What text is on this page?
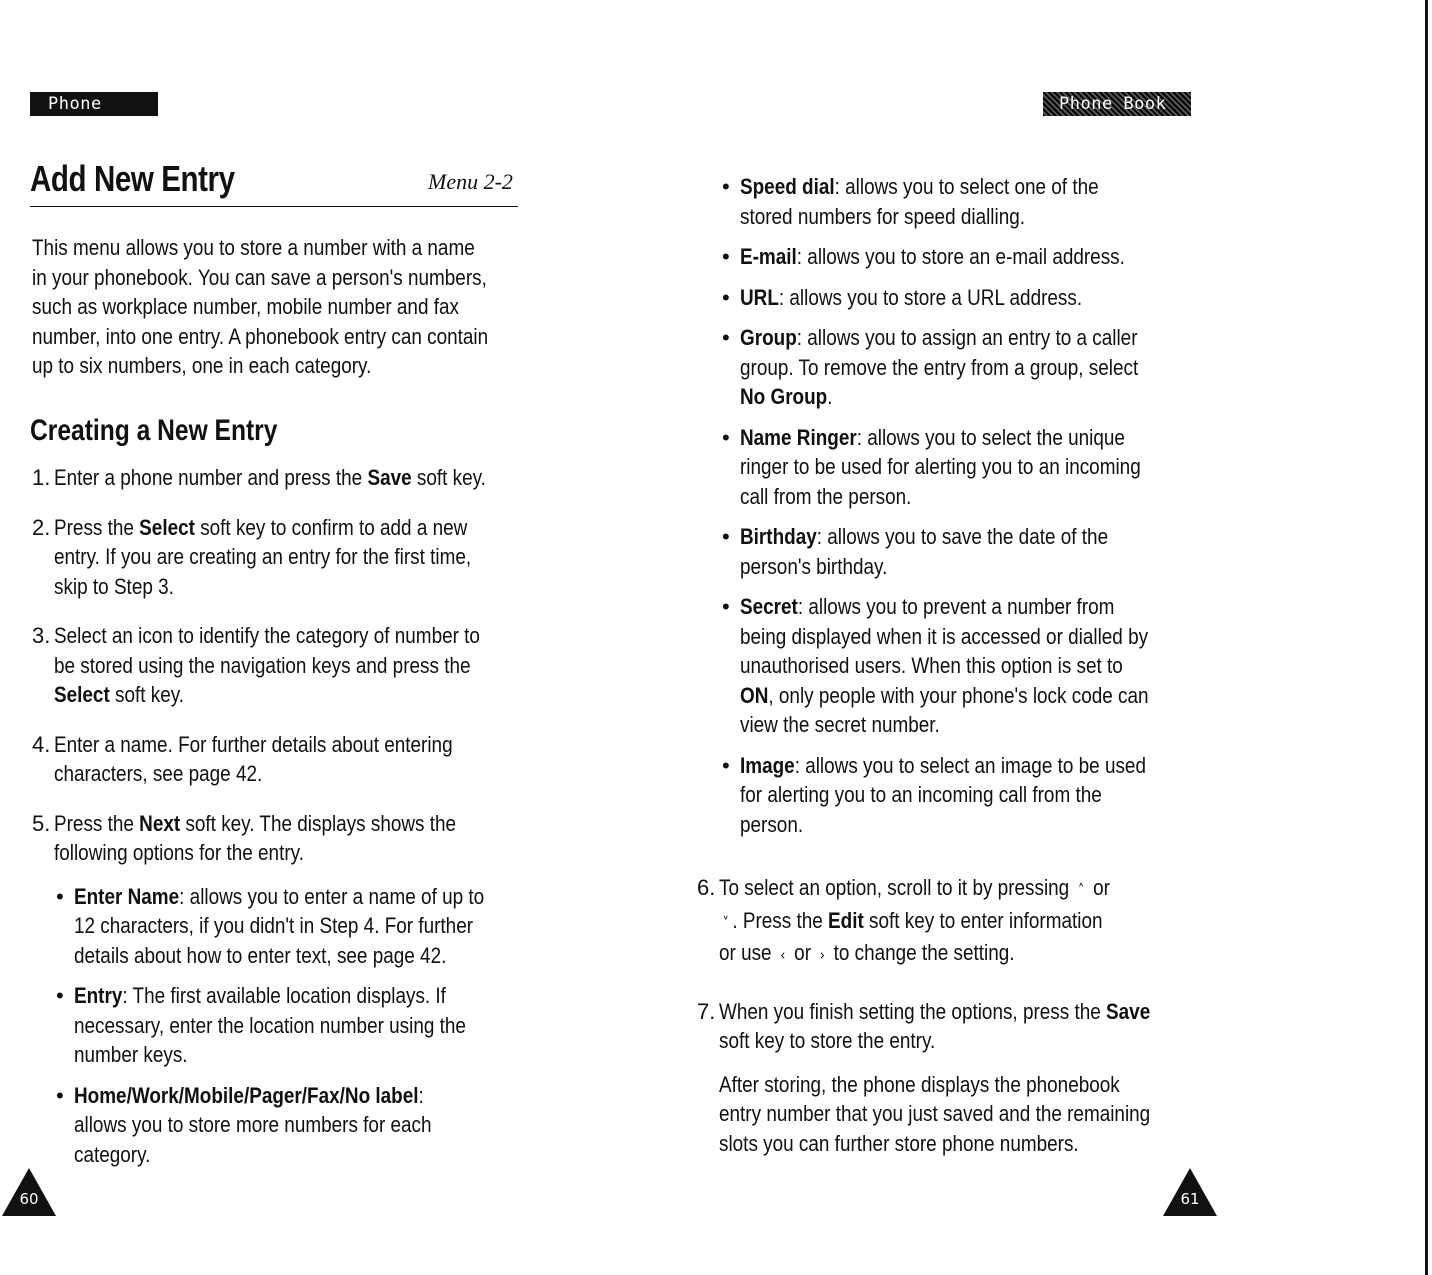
Phone Book
Add New Entry	Menu 2-2

This menu allows you to store a number with a name

in your phonebook. You can save a person's numbers,

such as workplace number, mobile number and fax

number, into one entry. A phonebook entry can contain

up to six numbers, one in each category.

Creating a New Entry
1. Enter a phone number and press the Save soft key.
2. Press the Select soft key to confirm to add a new
entry. If you are creating an entry for the first time,
skip to Step 3.
3. Select an icon to identify the category of number to
be stored using the navigation keys and press the
Select soft key.
4. Enter a name. For further details about entering
characters, see page 42.
5. Press the Next soft key. The displays shows the
following options for the entry.
• Enter Name: allows you to enter a name of up to
12 characters, if you didn't in Step 4. For further
details about how to enter text, see page 42.
• Entry: The first available location displays. If
necessary, enter the location number using the
number keys.
• Home/Work/Mobile/Pager/Fax/No label:
allows you to store more numbers for each
category.
60
Phone Book
• Speed dial: allows you to select one of the
stored numbers for speed dialling.
• E-mail: allows you to store an e-mail address.
• URL: allows you to store a URL address.
• Group: allows you to assign an entry to a caller
group. To remove the entry from a group, select
No Group.
• Name Ringer: allows you to select the unique
ringer to be used for alerting you to an incoming
call from the person.
• Birthday: allows you to save the date of the
person's birthday.
• Secret: allows you to prevent a number from
being displayed when it is accessed or dialled by
unauthorised users. When this option is set to
ON, only people with your phone's lock code can
view the secret number.
• Image: allows you to select an image to be used
for alerting you to an incoming call from the
person.
6. To select an option, scroll to it by pressing ˄ or
˅ . Press the Edit soft key to enter information
or use ‹ or › to change the setting.
7. When you finish setting the options, press the Save
soft key to store the entry.
After storing, the phone displays the phonebook
entry number that you just saved and the remaining
slots you can further store phone numbers.
61
